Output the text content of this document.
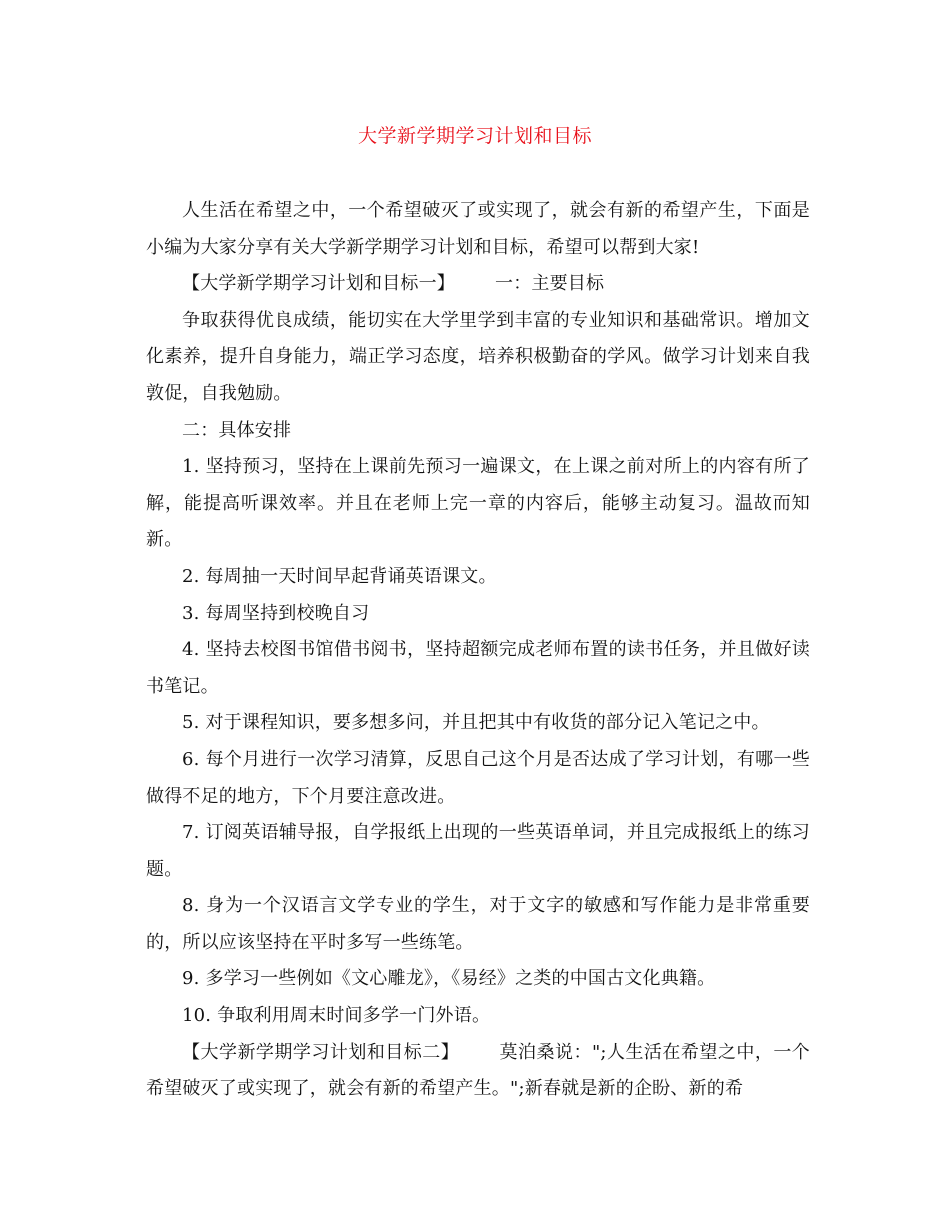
大学新学期学习计划和目标

人生活在希望之中，一个希望破灭了或实现了，就会有新的希望产生，下面是小编为大家分享有关大学新学期学习计划和目标，希望可以帮到大家!

【大学新学期学习计划和目标一】 一：主要目标

争取获得优良成绩，能切实在大学里学到丰富的专业知识和基础常识。增加文化素养，提升自身能力，端正学习态度，培养积极勤奋的学风。做学习计划来自我敦促，自我勉励。

二：具体安排

1. 坚持预习，坚持在上课前先预习一遍课文，在上课之前对所上的内容有所了解，能提高听课效率。并且在老师上完一章的内容后，能够主动复习。温故而知新。

2. 每周抽一天时间早起背诵英语课文。

3. 每周坚持到校晚自习

4. 坚持去校图书馆借书阅书，坚持超额完成老师布置的读书任务，并且做好读书笔记。

5. 对于课程知识，要多想多问，并且把其中有收货的部分记入笔记之中。

6. 每个月进行一次学习清算，反思自己这个月是否达成了学习计划，有哪一些做得不足的地方，下个月要注意改进。

7. 订阅英语辅导报，自学报纸上出现的一些英语单词，并且完成报纸上的练习题。

8. 身为一个汉语言文学专业的学生，对于文字的敏感和写作能力是非常重要的，所以应该坚持在平时多写一些练笔。

9. 多学习一些例如《文心雕龙》，《易经》之类的中国古文化典籍。

10. 争取利用周末时间多学一门外语。

【大学新学期学习计划和目标二】 莫泊桑说：";人生活在希望之中，一个希望破灭了或实现了，就会有新的希望产生。";新春就是新的企盼、新的希
